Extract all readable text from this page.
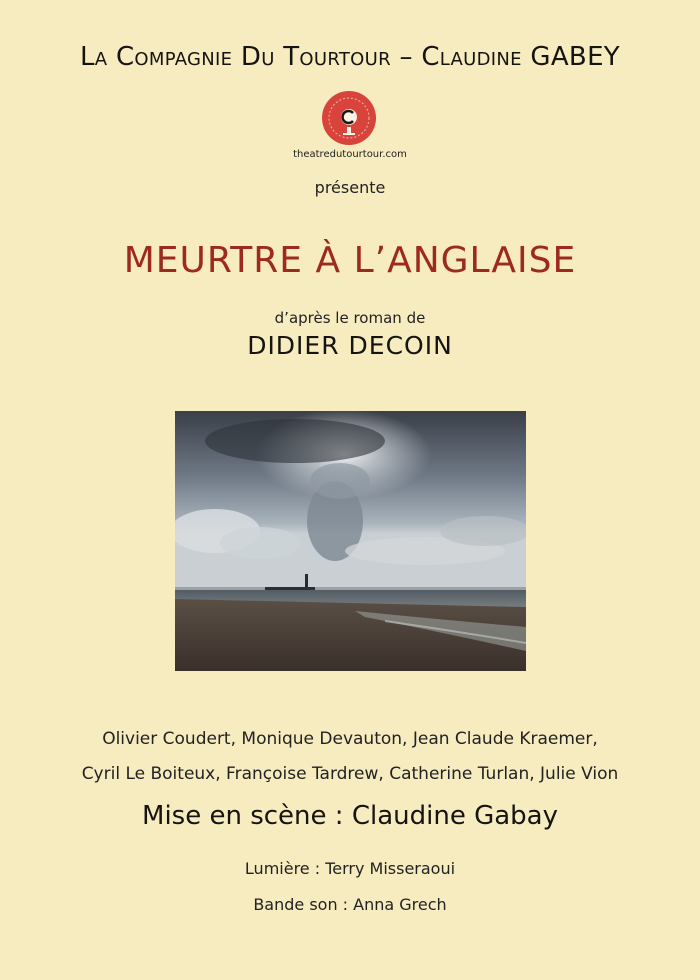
La Compagnie Du Tourtour – Claudine GABEY
theatredutourtour.com
présente
MEURTRE À L’ANGLAISE
d’après le roman de
DIDIER DECOIN
Olivier Coudert, Monique Devauton, Jean Claude Kraemer,
Cyril Le Boiteux, Françoise Tardrew, Catherine Turlan, Julie Vion
Mise en scène : Claudine Gabay
Lumière : Terry Misseraoui
Bande son : Anna Grech
